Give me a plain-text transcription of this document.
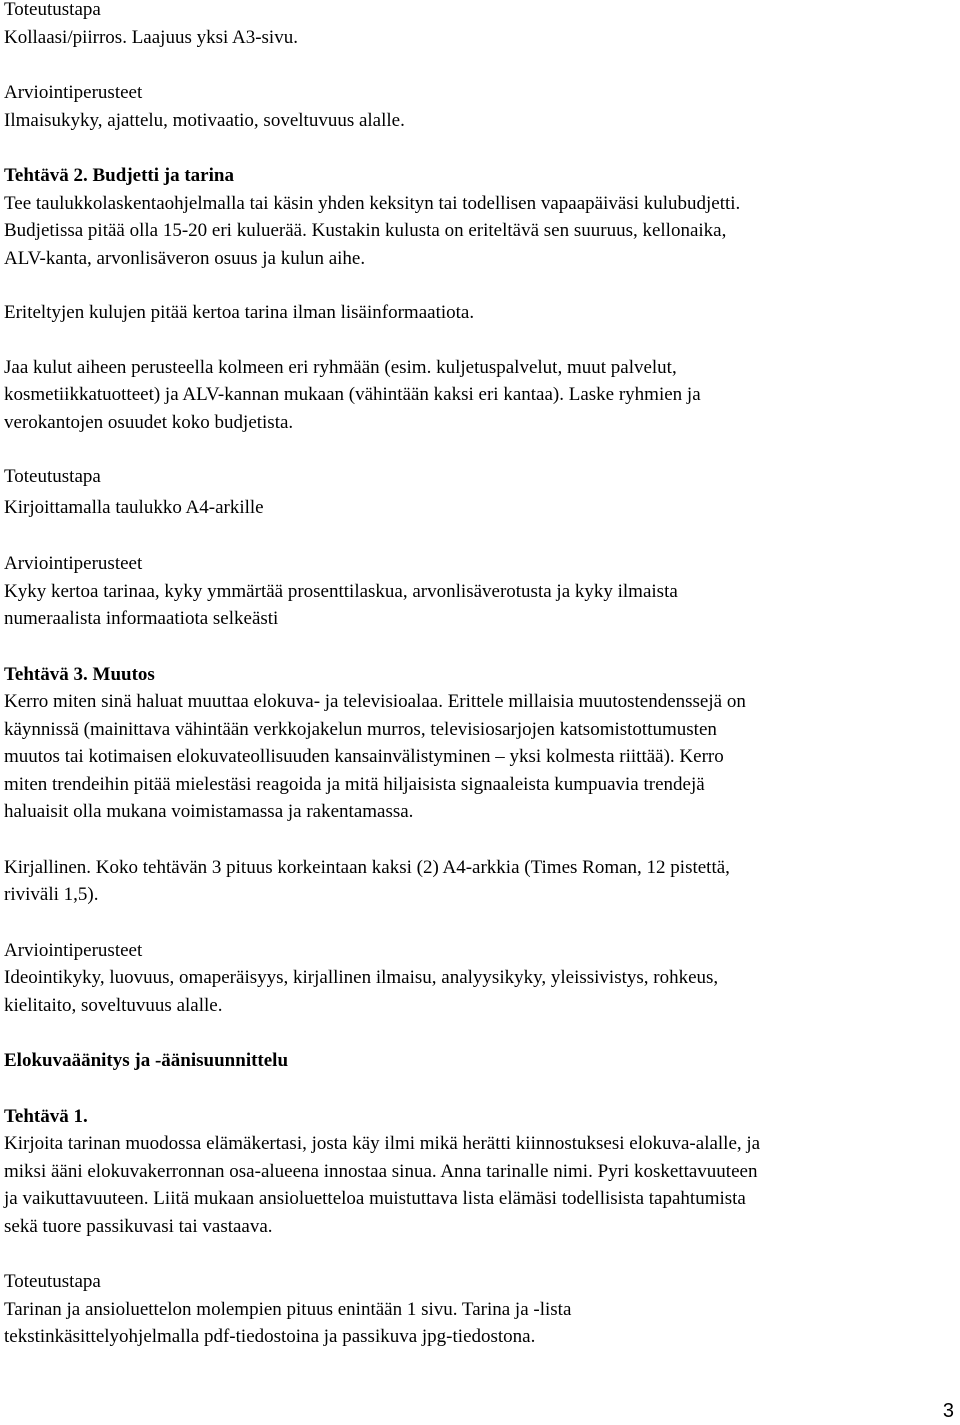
Toteutustapa

Kollaasi/piirros. Laajuus yksi A3-sivu.

Arviointiperusteet

Ilmaisukyky, ajattelu, motivaatio, soveltuvuus alalle.

Tehtävä 2. Budjetti ja tarina

Tee taulukkolaskentaohjelmalla tai käsin yhden keksityn tai todellisen vapaapäiväsi kulubudjetti.

Budjetissa pitää olla 15-20 eri kuluerää. Kustakin kulusta on eriteltävä sen suuruus, kellonaika,

ALV-kanta, arvonlisäveron osuus ja kulun aihe.

Eriteltyjen kulujen pitää kertoa tarina ilman lisäinformaatiota.

Jaa kulut aiheen perusteella kolmeen eri ryhmään (esim. kuljetuspalvelut, muut palvelut,

kosmetiikkatuotteet) ja ALV-kannan mukaan (vähintään kaksi eri kantaa). Laske ryhmien ja

verokantojen osuudet koko budjetista.

Toteutustapa

Kirjoittamalla taulukko A4-arkille

Arviointiperusteet

Kyky kertoa tarinaa, kyky ymmärtää prosenttilaskua, arvonlisäverotusta ja kyky ilmaista

numeraalista informaatiota selkeästi

Tehtävä 3. Muutos

Kerro miten sinä haluat muuttaa elokuva- ja televisioalaa. Erittele millaisia muutostendenssejä on

käynnissä (mainittava vähintään verkkojakelun murros, televisiosarjojen katsomistottumusten

muutos tai kotimaisen elokuvateollisuuden kansainvälistyminen – yksi kolmesta riittää). Kerro

miten trendeihin pitää mielestäsi reagoida ja mitä hiljaisista signaaleista kumpuavia trendejä

haluaisit olla mukana voimistamassa ja rakentamassa.

Kirjallinen. Koko tehtävän 3 pituus korkeintaan kaksi (2) A4-arkkia (Times Roman, 12 pistettä,

riviväli 1,5).

Arviointiperusteet

Ideointikyky, luovuus, omaperäisyys, kirjallinen ilmaisu, analyysikyky, yleissivistys, rohkeus,

kielitaito, soveltuvuus alalle.

Elokuvaäänitys ja -äänisuunnittelu

Tehtävä 1.

Kirjoita tarinan muodossa elämäkertasi, josta käy ilmi mikä herätti kiinnostuksesi elokuva-alalle, ja

miksi ääni elokuvakerronnan osa-alueena innostaa sinua. Anna tarinalle nimi. Pyri koskettavuuteen

ja vaikuttavuuteen. Liitä mukaan ansioluetteloa muistuttava lista elämäsi todellisista tapahtumista

sekä tuore passikuvasi tai vastaava.

Toteutustapa

Tarinan ja ansioluettelon molempien pituus enintään 1 sivu. Tarina ja -lista

tekstinkäsittelyohjelmalla pdf-tiedostoina ja passikuva jpg-tiedostona.

3
